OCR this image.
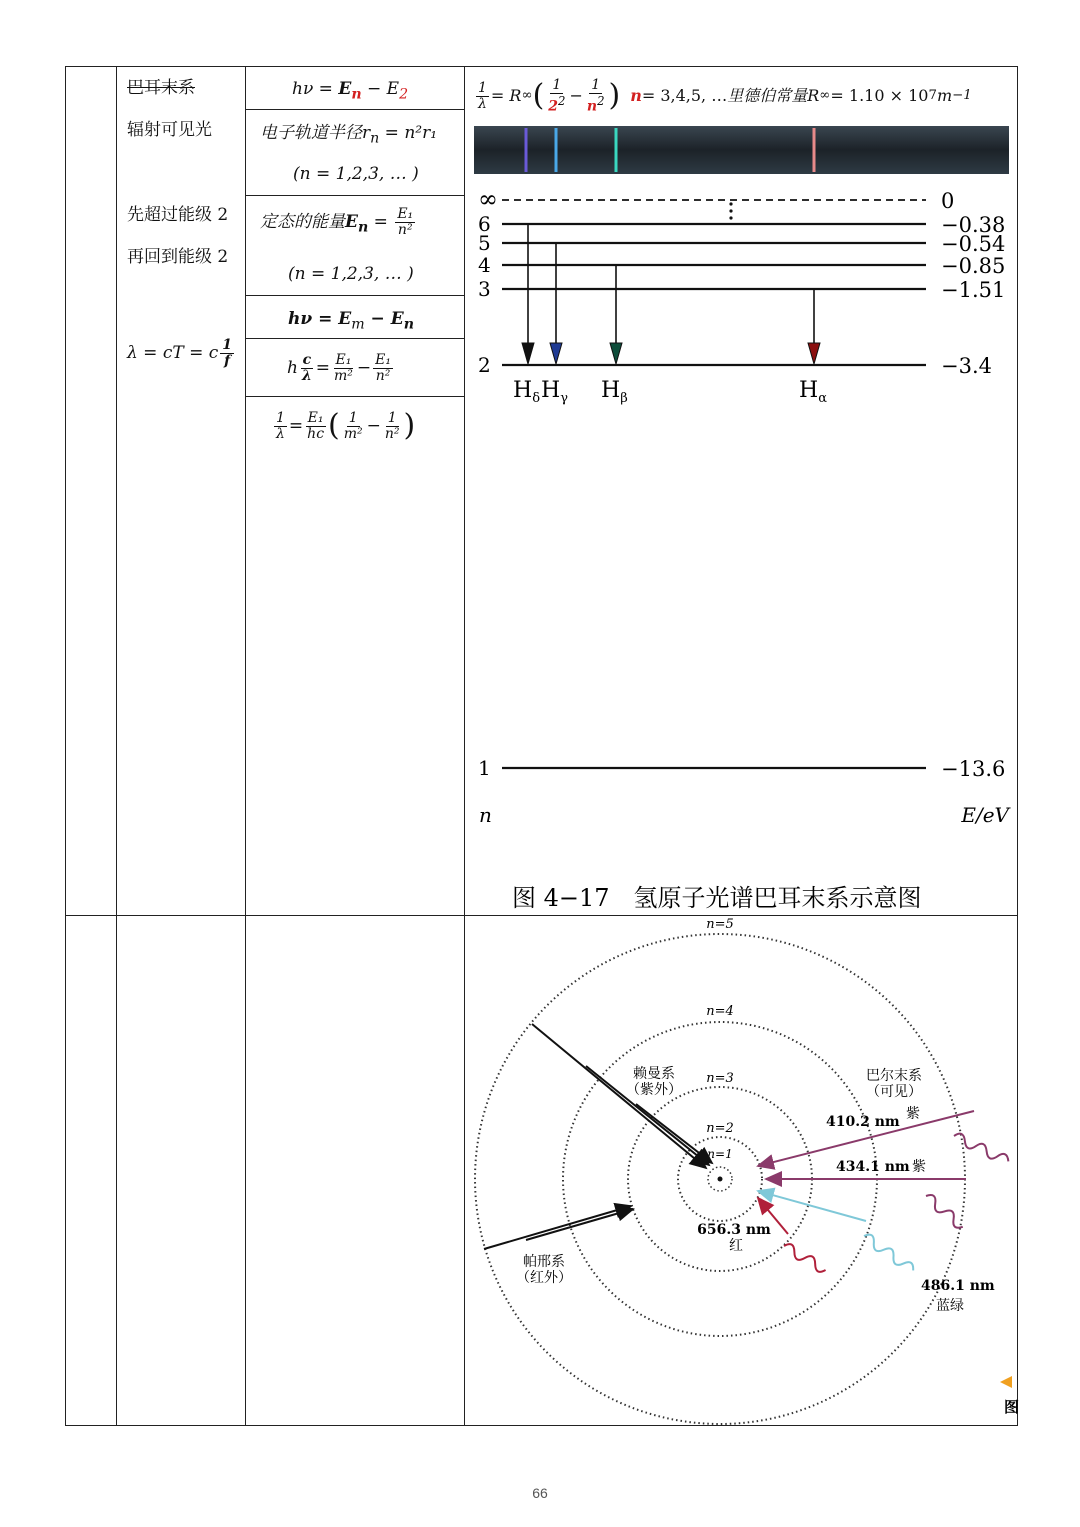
巴耳末系
辐射可见光
先超过能级 2
再回到能级 2
λ = cT = c $\frac{1}{f}$
$h\nu = E_n - E_2$
电子轨道半径$r_n = n^2r_1$
(n = 1,2,3, … )
定态的能量$E_n = \frac{\text{E₁}}{\text{n²}}$
(n = 1,2,3, … )
$h\nu = E_m - E_n$
h $\frac{c}{\lambda} = \frac{\text{E₁}}{\text{m²}} - \frac{\text{E₁}}{\text{n²}}$
$\frac{1}{\lambda} = \frac{\text{E₁}}{hc}$ ( $\frac{1}{\text{m²}} - \frac{1}{\text{n²}}$ )
$\frac{1}{\lambda} = R$ ∞ ( $\frac{1}{2^2} - \frac{1}{n^2}$ ) n = 3,4,5, … 里德伯常量R ∞ = 1.10 × 10 7 m −1
∞	0
6	−0.38
5	−0.54
4	−0.85
3	−1.51
2	−3.4
1	−13.6
$H_\delta$ $H_\gamma$ $H_\beta$	$H_\alpha$
n	E/eV
图 4−17　氢原子光谱巴耳末系示意图
n=5
n=4
n=3
n=2
n=1
赖曼系
（紫外）
帕邢系
（红外）
巴尔末系
（可见）
410.2 nm 紫
434.1 nm 紫
486.1 nm
蓝绿
656.3 nm
红
图
66
